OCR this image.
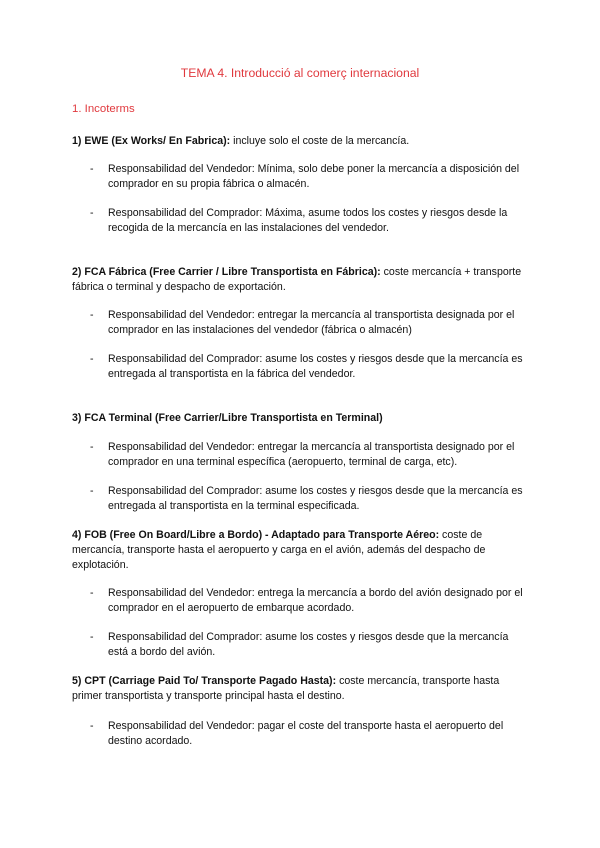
TEMA 4. Introducció al comerç internacional
1. Incoterms
1) EWE (Ex Works/ En Fabrica): incluye solo el coste de la mercancía.
-	Responsabilidad del Vendedor: Mínima, solo debe poner la mercancía a disposición del comprador en su propia fábrica o almacén.
-	Responsabilidad del Comprador: Máxima, asume todos los costes y riesgos desde la recogida de la mercancía en las instalaciones del vendedor.
2) FCA Fábrica (Free Carrier / Libre Transportista en Fábrica): coste mercancía + transporte fábrica o terminal y despacho de exportación.
-	Responsabilidad del Vendedor: entregar la mercancía al transportista designada por el comprador en las instalaciones del vendedor (fábrica o almacén)
-	Responsabilidad del Comprador: asume los costes y riesgos desde que la mercancía es entregada al transportista en la fábrica del vendedor.
3) FCA Terminal (Free Carrier/Libre Transportista en Terminal)
-	Responsabilidad del Vendedor: entregar la mercancía al transportista designado por el comprador en una terminal específica (aeropuerto, terminal de carga, etc).
-	Responsabilidad del Comprador: asume los costes y riesgos desde que la mercancía es entregada al transportista en la terminal especificada.
4) FOB (Free On Board/Libre a Bordo) - Adaptado para Transporte Aéreo: coste de mercancía, transporte hasta el aeropuerto y carga en el avión, además del despacho de explotación.
-	Responsabilidad del Vendedor: entrega la mercancía a bordo del avión designado por el comprador en el aeropuerto de embarque acordado.
-	Responsabilidad del Comprador: asume los costes y riesgos desde que la mercancía está a bordo del avión.
5) CPT (Carriage Paid To/ Transporte Pagado Hasta): coste mercancía, transporte hasta primer transportista y transporte principal hasta el destino.
-	Responsabilidad del Vendedor: pagar el coste del transporte hasta el aeropuerto del destino acordado.
